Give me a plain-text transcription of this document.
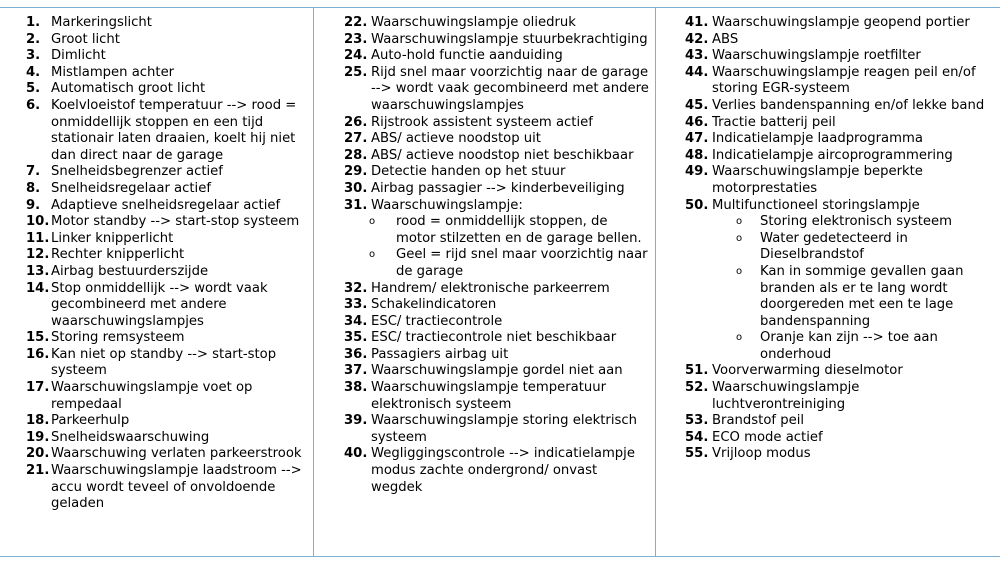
1. Markeringslicht
2. Groot licht
3. Dimlicht
4. Mistlampen achter
5. Automatisch groot licht
6. Koelvloeistof temperatuur --> rood = onmiddellijk stoppen en een tijd stationair laten draaien, koelt hij niet dan direct naar de garage
7. Snelheidsbegrenzer actief
8. Snelheidsregelaar actief
9. Adaptieve snelheidsregelaar actief
10. Motor standby --> start-stop systeem
11. Linker knipperlicht
12. Rechter knipperlicht
13. Airbag bestuurderszijde
14. Stop onmiddellijk --> wordt vaak gecombineerd met andere waarschuwingslampjes
15. Storing remsysteem
16. Kan niet op standby --> start-stop systeem
17. Waarschuwingslampje voet op rempedaal
18. Parkeerhulp
19. Snelheidswaarschuwing
20. Waarschuwing verlaten parkeerstrook
21. Waarschuwingslampje laadstroom --> accu wordt teveel of onvoldoende geladen
22. Waarschuwingslampje oliedruk
23. Waarschuwingslampje stuurbekrachtiging
24. Auto-hold functie aanduiding
25. Rijd snel maar voorzichtig naar de garage --> wordt vaak gecombineerd met andere waarschuwingslampjes
26. Rijstrook assistent systeem actief
27. ABS/ actieve noodstop uit
28. ABS/ actieve noodstop niet beschikbaar
29. Detectie handen op het stuur
30. Airbag passagier --> kinderbeveiliging
31. Waarschuwingslampje:
o	rood = onmiddellijk stoppen, de motor stilzetten en de garage bellen.
o	Geel = rijd snel maar voorzichtig naar de garage
32. Handrem/ elektronische parkeerrem
33. Schakelindicatoren
34. ESC/ tractiecontrole
35. ESC/ tractiecontrole niet beschikbaar
36. Passagiers airbag uit
37. Waarschuwingslampje gordel niet aan
38. Waarschuwingslampje temperatuur elektronisch systeem
39. Waarschuwingslampje storing elektrisch systeem
40. Wegliggingscontrole --> indicatielampje modus zachte ondergrond/ onvast wegdek
41. Waarschuwingslampje geopend portier
42. ABS
43. Waarschuwingslampje roetfilter
44. Waarschuwingslampje reagen peil en/of storing EGR-systeem
45. Verlies bandenspanning en/of lekke band
46. Tractie batterij peil
47. Indicatielampje laadprogramma
48. Indicatielampje aircoprogrammering
49. Waarschuwingslampje beperkte motorprestaties
50. Multifunctioneel storingslampje
o	Storing elektronisch systeem
o	Water gedetecteerd in Dieselbrandstof
o	Kan in sommige gevallen gaan branden als er te lang wordt doorgereden met een te lage bandenspanning
o	Oranje kan zijn --> toe aan onderhoud
51. Voorverwarming dieselmotor
52. Waarschuwingslampje luchtverontreiniging
53. Brandstof peil
54. ECO mode actief
55. Vrijloop modus
